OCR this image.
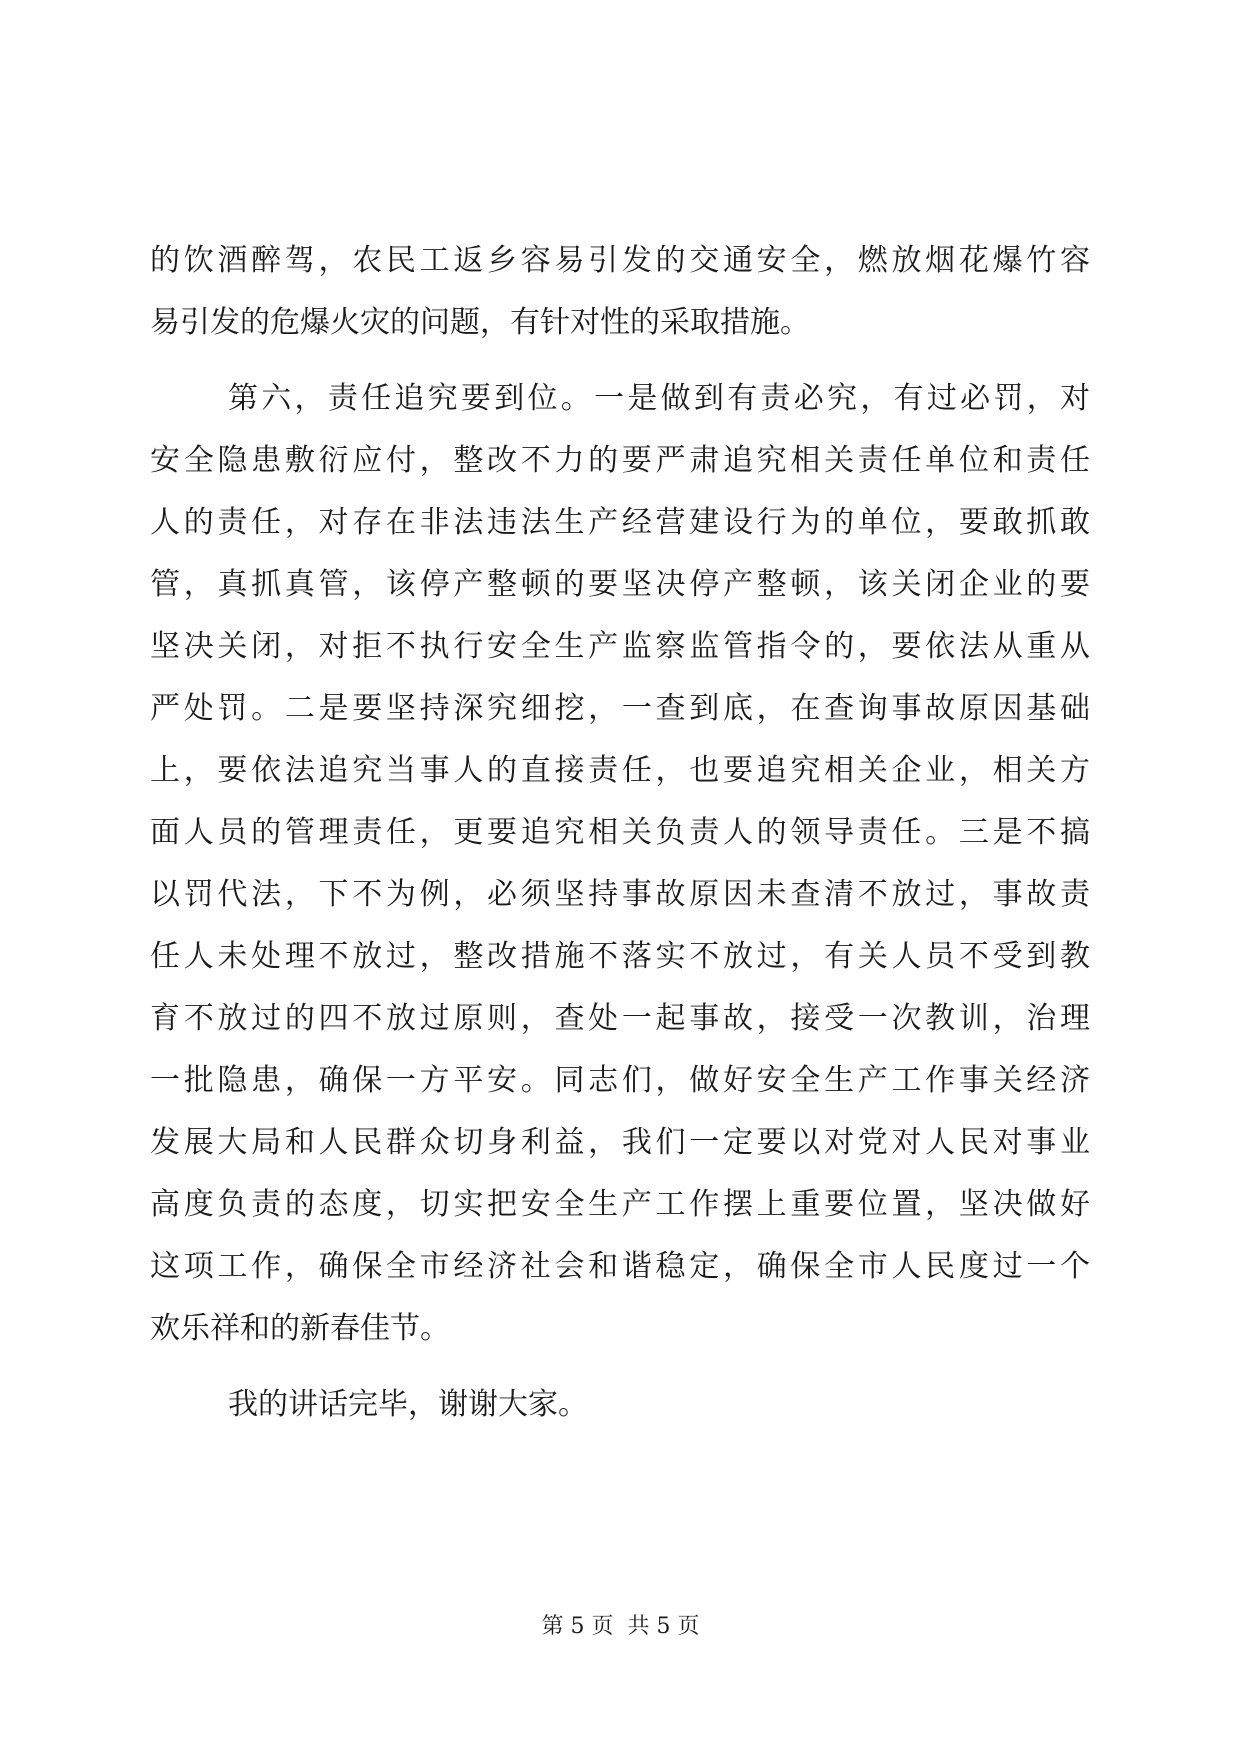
的饮酒醉驾，农民工返乡容易引发的交通安全，燃放烟花爆竹容
易引发的危爆火灾的问题，有针对性的采取措施。
第六，责任追究要到位。一是做到有责必究，有过必罚，对
安全隐患敷衍应付，整改不力的要严肃追究相关责任单位和责任
人的责任，对存在非法违法生产经营建设行为的单位，要敢抓敢
管，真抓真管，该停产整顿的要坚决停产整顿，该关闭企业的要
坚决关闭，对拒不执行安全生产监察监管指令的，要依法从重从
严处罚。二是要坚持深究细挖，一查到底，在查询事故原因基础
上，要依法追究当事人的直接责任，也要追究相关企业，相关方
面人员的管理责任，更要追究相关负责人的领导责任。三是不搞
以罚代法，下不为例，必须坚持事故原因未查清不放过，事故责
任人未处理不放过，整改措施不落实不放过，有关人员不受到教
育不放过的四不放过原则，查处一起事故，接受一次教训，治理
一批隐患，确保一方平安。同志们，做好安全生产工作事关经济
发展大局和人民群众切身利益，我们一定要以对党对人民对事业
高度负责的态度，切实把安全生产工作摆上重要位置，坚决做好
这项工作，确保全市经济社会和谐稳定，确保全市人民度过一个
欢乐祥和的新春佳节。
我的讲话完毕，谢谢大家。
第 5 页 共 5 页
